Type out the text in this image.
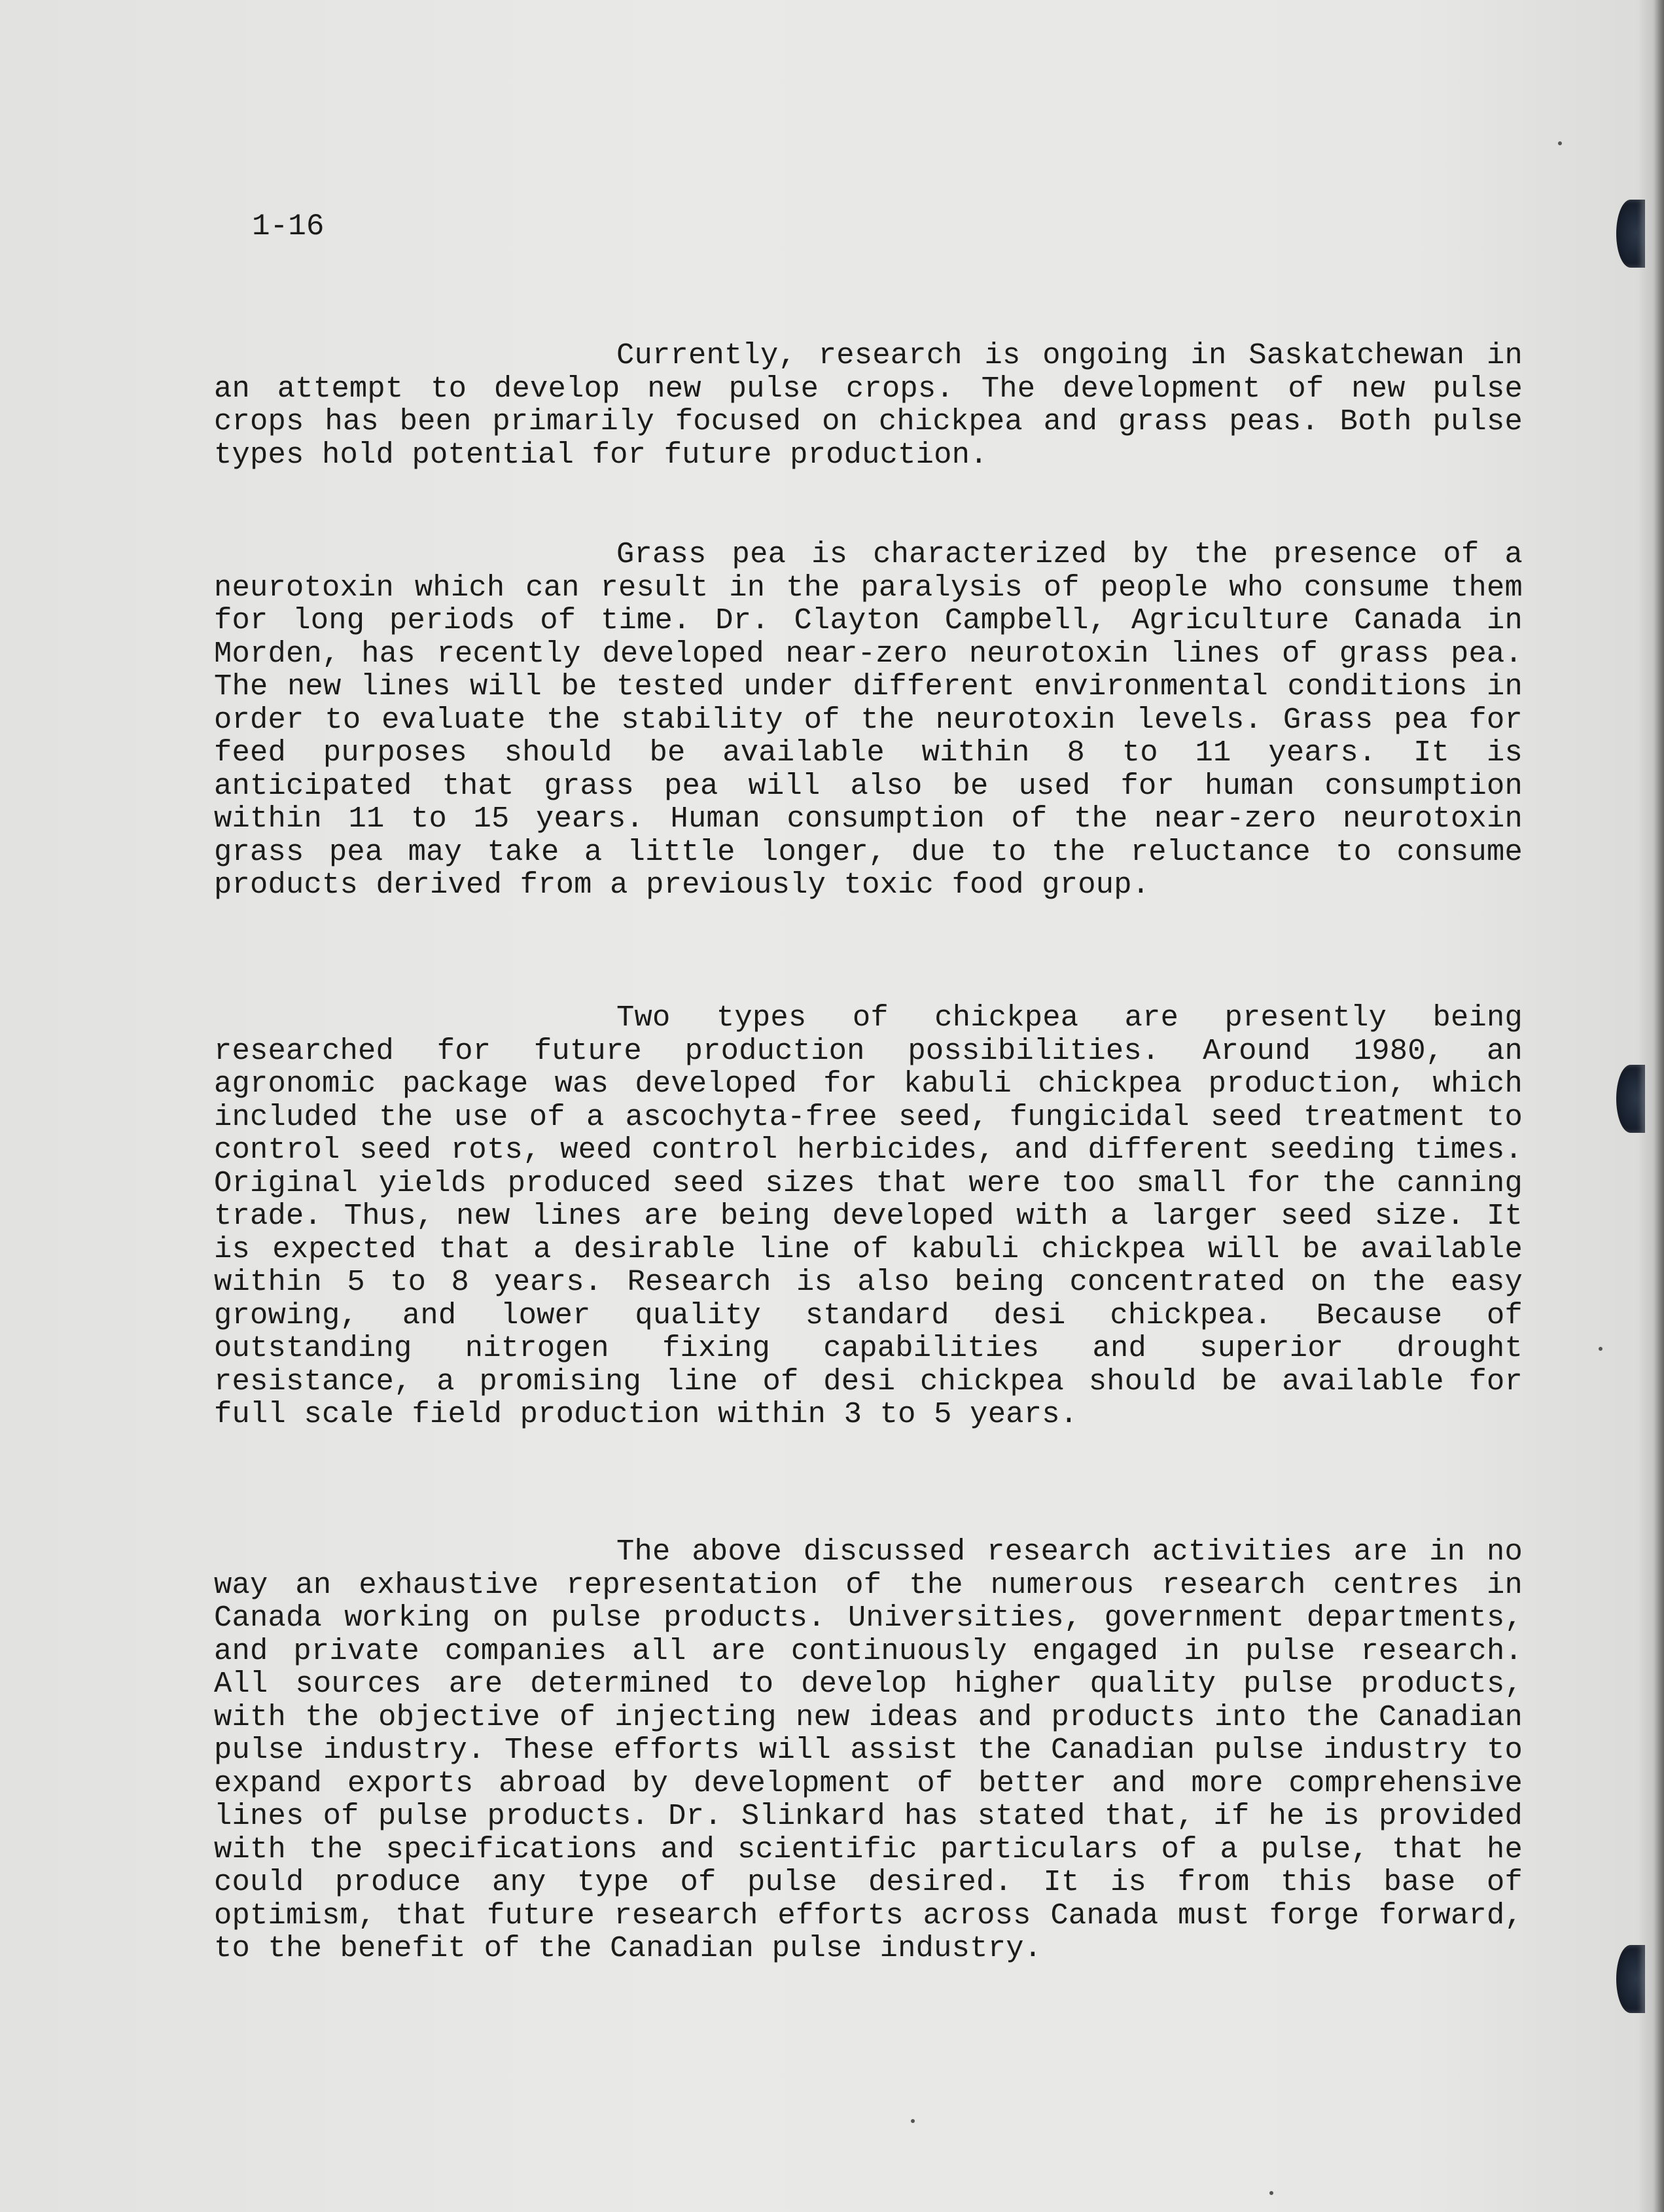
1-16

Currently, research is ongoing in Saskatchewan in an attempt to develop new pulse crops. The development of new pulse crops has been primarily focused on chickpea and grass peas. Both pulse types hold potential for future production.

Grass pea is characterized by the presence of a neurotoxin which can result in the paralysis of people who consume them for long periods of time. Dr. Clayton Campbell, Agriculture Canada in Morden, has recently developed near-zero neurotoxin lines of grass pea. The new lines will be tested under different environmental conditions in order to evaluate the stability of the neurotoxin levels. Grass pea for feed purposes should be available within 8 to 11 years. It is anticipated that grass pea will also be used for human consumption within 11 to 15 years. Human consumption of the near-zero neurotoxin grass pea may take a little longer, due to the reluctance to consume products derived from a previously toxic food group.

Two types of chickpea are presently being researched for future production possibilities. Around 1980, an agronomic package was developed for kabuli chickpea production, which included the use of a ascochyta-free seed, fungicidal seed treatment to control seed rots, weed control herbicides, and different seeding times. Original yields produced seed sizes that were too small for the canning trade. Thus, new lines are being developed with a larger seed size. It is expected that a desirable line of kabuli chickpea will be available within 5 to 8 years. Research is also being concentrated on the easy growing, and lower quality standard desi chickpea. Because of outstanding nitrogen fixing capabilities and superior drought resistance, a promising line of desi chickpea should be available for full scale field production within 3 to 5 years.

The above discussed research activities are in no way an exhaustive representation of the numerous research centres in Canada working on pulse products. Universities, government departments, and private companies all are continuously engaged in pulse research. All sources are determined to develop higher quality pulse products, with the objective of injecting new ideas and products into the Canadian pulse industry. These efforts will assist the Canadian pulse industry to expand exports abroad by development of better and more comprehensive lines of pulse products. Dr. Slinkard has stated that, if he is provided with the specifications and scientific particulars of a pulse, that he could produce any type of pulse desired. It is from this base of optimism, that future research efforts across Canada must forge forward, to the benefit of the Canadian pulse industry.
